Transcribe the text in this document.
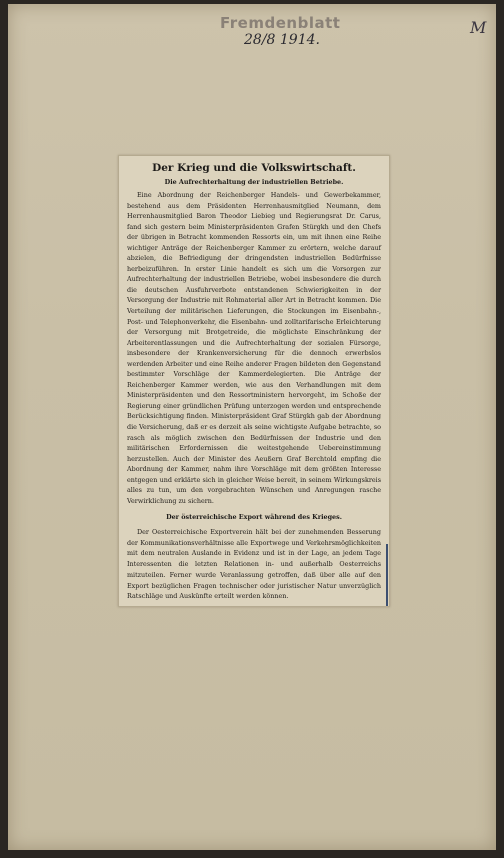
Fremdenblatt
28/8 1914.
M
Der Krieg und die Volkswirtschaft.
Die Aufrechterhaltung der industriellen Betriebe.

Eine Abordnung der Reichenberger Handels- und Gewerbekammer, bestehend aus dem Präsidenten Herrenhausmitglied Neumann, dem Herrenhausmitglied Baron Theodor Liebieg und Regierungsrat Dr. Carus, fand sich gestern beim Ministerpräsidenten Grafen Stürgkh und den Chefs der übrigen in Betracht kommenden Ressorts ein, um mit ihnen eine Reihe wichtiger Anträge der Reichenberger Kammer zu erörtern, welche darauf abzielen, die Befriedigung der dringendsten industriellen Bedürfnisse herbeizuführen. In erster Linie handelt es sich um die Vorsorgen zur Aufrechterhaltung der industriellen Betriebe, wobei insbesondere die durch die deutschen Ausfuhrverbote entstandenen Schwierigkeiten in der Versorgung der Industrie mit Rohmaterial aller Art in Betracht kommen. Die Verteilung der militärischen Lieferungen, die Stockungen im Eisenbahn-, Post- und Telephonverkehr, die Eisenbahn- und zolltarifarische Erleichterung der Versorgung mit Brotgetreide, die möglichste Einschränkung der Arbeiterentlassungen und die Aufrechterhaltung der sozialen Fürsorge, insbesondere der Krankenversicherung für die dennoch erwerbslos werdenden Arbeiter und eine Reihe anderer Fragen bildeten den Gegenstand bestimmter Vorschläge der Kammerdelegierten. Die Anträge der Reichenberger Kammer werden, wie aus den Verhandlungen mit dem Ministerpräsidenten und den Ressortministern hervorgeht, im Schoße der Regierung einer gründlichen Prüfung unterzogen werden und entsprechende Berücksichtigung finden. Ministerpräsident Graf Stürgkh gab der Abordnung die Versicherung, daß er es derzeit als seine wichtigste Aufgabe betrachte, so rasch als möglich zwischen den Bedürfnissen der Industrie und den militärischen Erfordernissen die weitestgehende Uebereinstimmung herzustellen. Auch der Minister des Aeußern Graf Berchtold empfing die Abordnung der Kammer, nahm ihre Vorschläge mit dem größten Interesse entgegen und erklärte sich in gleicher Weise bereit, in seinem Wirkungskreis alles zu tun, um den vorgebrachten Wünschen und Anregungen rasche Verwirklichung zu sichern.

Der österreichische Export während des Krieges.

Der Oesterreichische Exportverein hält bei der zunehmenden Besserung der Kommunikationsverhältnisse alle Exportwege und Verkehrsmöglichkeiten mit dem neutralen Auslande in Evidenz und ist in der Lage, an jedem Tage Interessenten die letzten Relationen in- und außerhalb Oesterreichs mitzuteilen. Ferner wurde Veranlassung getroffen, daß über alle auf den Export bezüglichen Fragen technischer oder juristischer Natur unverzüglich Ratschläge und Auskünfte erteilt werden können.
